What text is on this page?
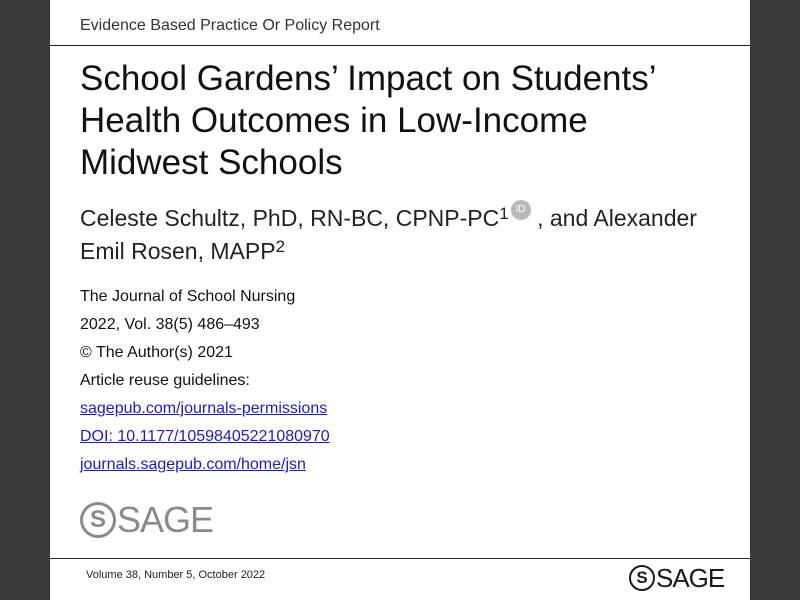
Evidence Based Practice Or Policy Report
School Gardens’ Impact on Students’
Health Outcomes in Low-Income
Midwest Schools
Celeste Schultz, PhD, RN-BC, CPNP-$PC^1$ iD , and Alexander
Emil Rosen, MAPP$^2$
The Journal of School Nursing
2022, Vol. 38(5) 486–493
© The Author(s) 2021
Article reuse guidelines:
sagepub.com/journals-permissions
DOI: 10.1177/10598405221080970
journals.sagepub.com/home/jsn
S SAGE
Volume 38, Number 5, October 2022	S SAGE
